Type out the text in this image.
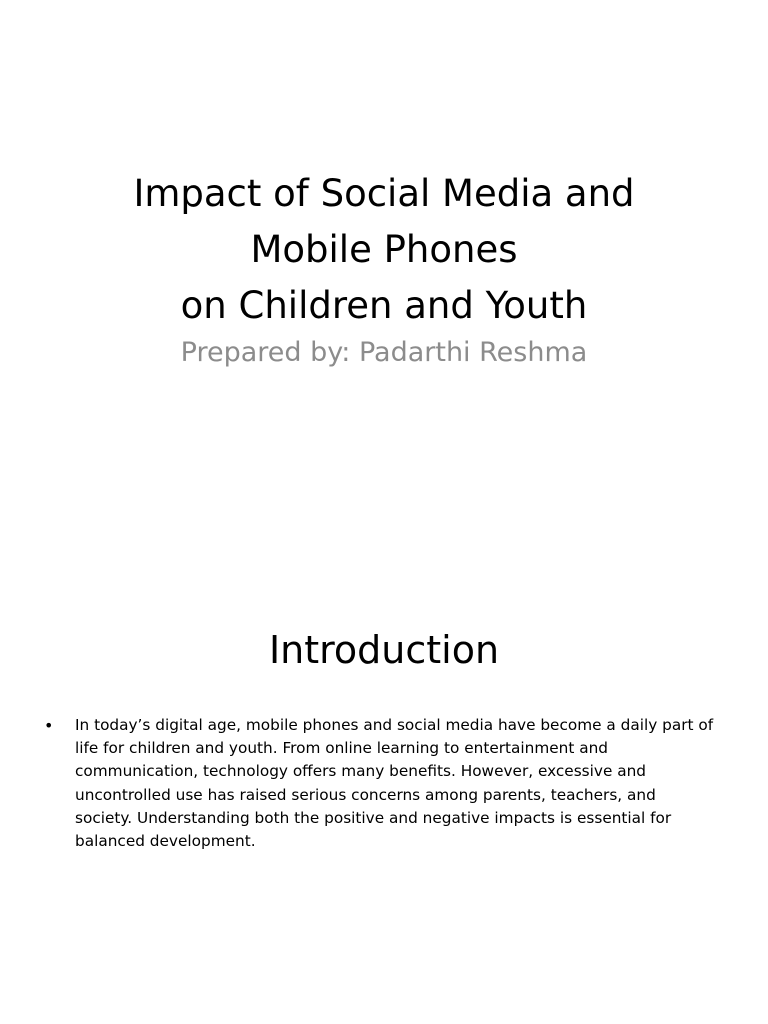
Impact of Social Media and
Mobile Phones
on Children and Youth
Prepared by: Padarthi Reshma
Introduction
• In today’s digital age, mobile phones and social media have become a daily part of
life for children and youth. From online learning to entertainment and
communication, technology offers many benefits. However, excessive and
uncontrolled use has raised serious concerns among parents, teachers, and
society. Understanding both the positive and negative impacts is essential for
balanced development.
